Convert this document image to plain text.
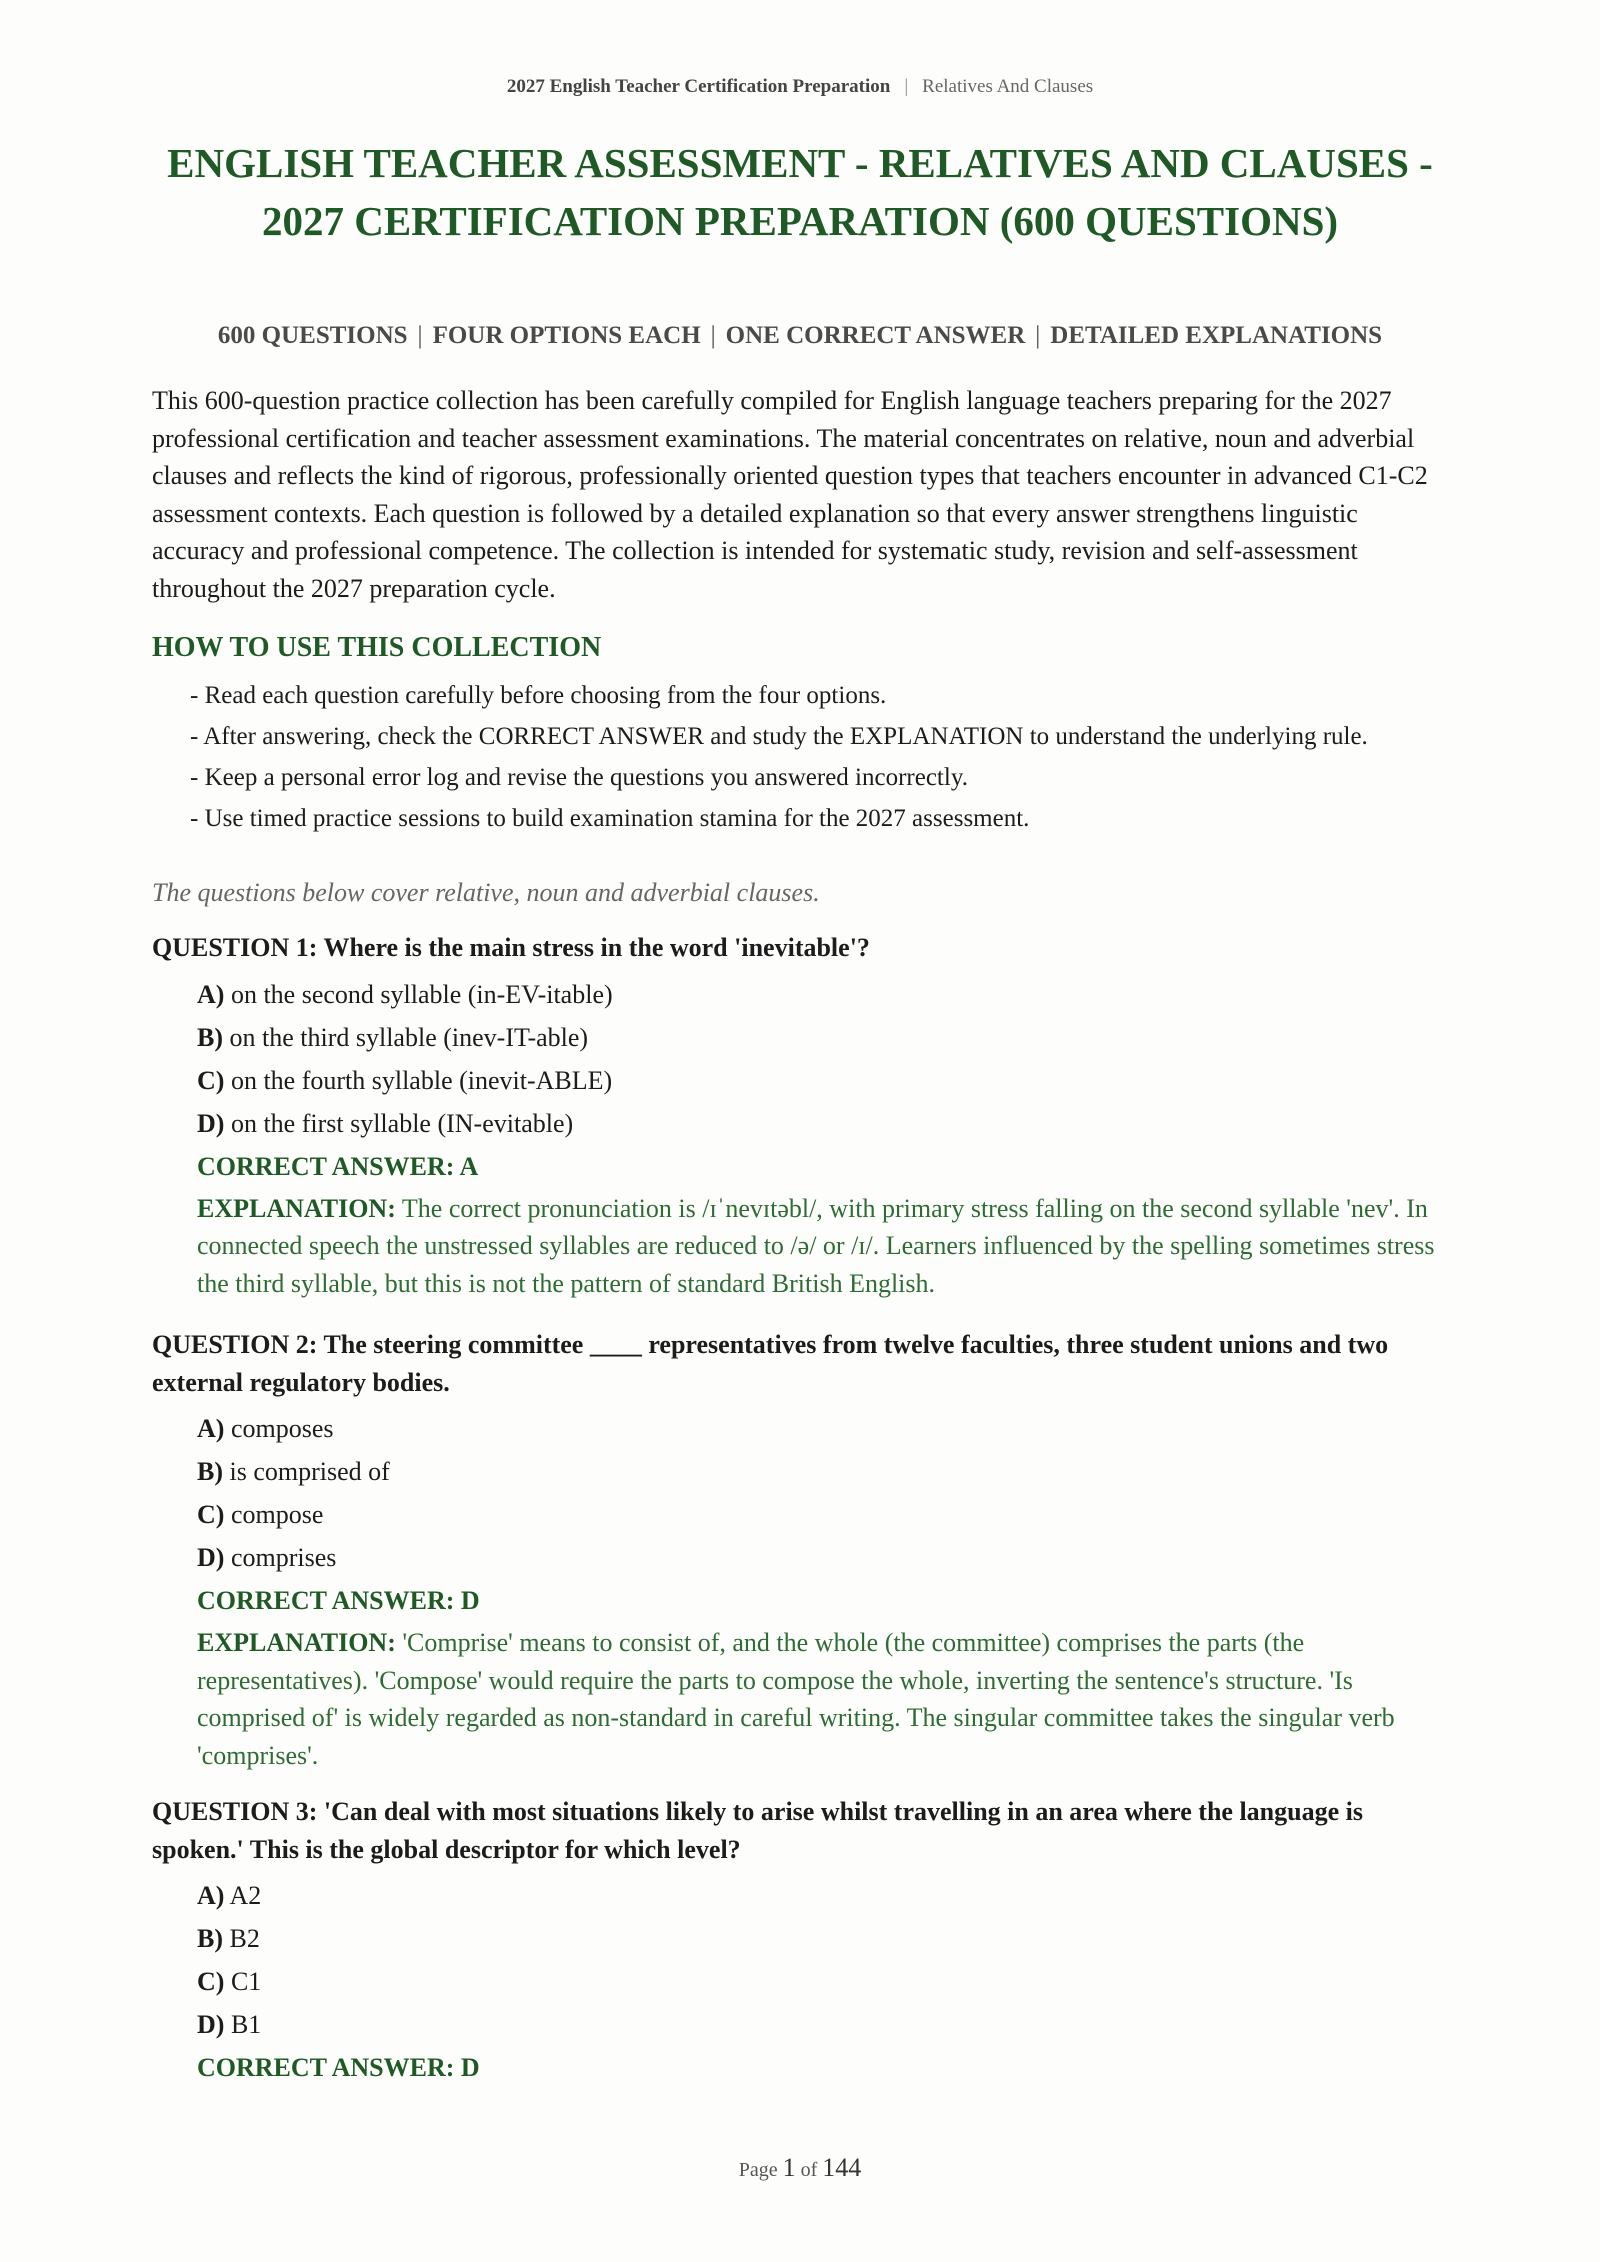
2027 English Teacher Certification Preparation | Relatives And Clauses
ENGLISH TEACHER ASSESSMENT - RELATIVES AND CLAUSES - 2027 CERTIFICATION PREPARATION (600 QUESTIONS)
600 QUESTIONS | FOUR OPTIONS EACH | ONE CORRECT ANSWER | DETAILED EXPLANATIONS

This 600-question practice collection has been carefully compiled for English language teachers preparing for the 2027 professional certification and teacher assessment examinations. The material concentrates on relative, noun and adverbial clauses and reflects the kind of rigorous, professionally oriented question types that teachers encounter in advanced C1-C2 assessment contexts. Each question is followed by a detailed explanation so that every answer strengthens linguistic accuracy and professional competence. The collection is intended for systematic study, revision and self-assessment throughout the 2027 preparation cycle.

HOW TO USE THIS COLLECTION
- Read each question carefully before choosing from the four options.
- After answering, check the CORRECT ANSWER and study the EXPLANATION to understand the underlying rule.
- Keep a personal error log and revise the questions you answered incorrectly.
- Use timed practice sessions to build examination stamina for the 2027 assessment.
The questions below cover relative, noun and adverbial clauses.

QUESTION 1: Where is the main stress in the word 'inevitable'?

A) on the second syllable (in-EV-itable)
B) on the third syllable (inev-IT-able)
C) on the fourth syllable (inevit-ABLE)
D) on the first syllable (IN-evitable)

CORRECT ANSWER: A

EXPLANATION: The correct pronunciation is /ɪˈnevɪtəbl/, with primary stress falling on the second syllable 'nev'. In connected speech the unstressed syllables are reduced to /ə/ or /ɪ/. Learners influenced by the spelling sometimes stress the third syllable, but this is not the pattern of standard British English.

QUESTION 2: The steering committee ____ representatives from twelve faculties, three student unions and two external regulatory bodies.

A) composes
B) is comprised of
C) compose
D) comprises

CORRECT ANSWER: D

EXPLANATION: 'Comprise' means to consist of, and the whole (the committee) comprises the parts (the representatives). 'Compose' would require the parts to compose the whole, inverting the sentence's structure. 'Is comprised of' is widely regarded as non-standard in careful writing. The singular committee takes the singular verb 'comprises'.

QUESTION 3: 'Can deal with most situations likely to arise whilst travelling in an area where the language is spoken.' This is the global descriptor for which level?

A) A2
B) B2
C) C1
D) B1

CORRECT ANSWER: D

Page 1 of 144
